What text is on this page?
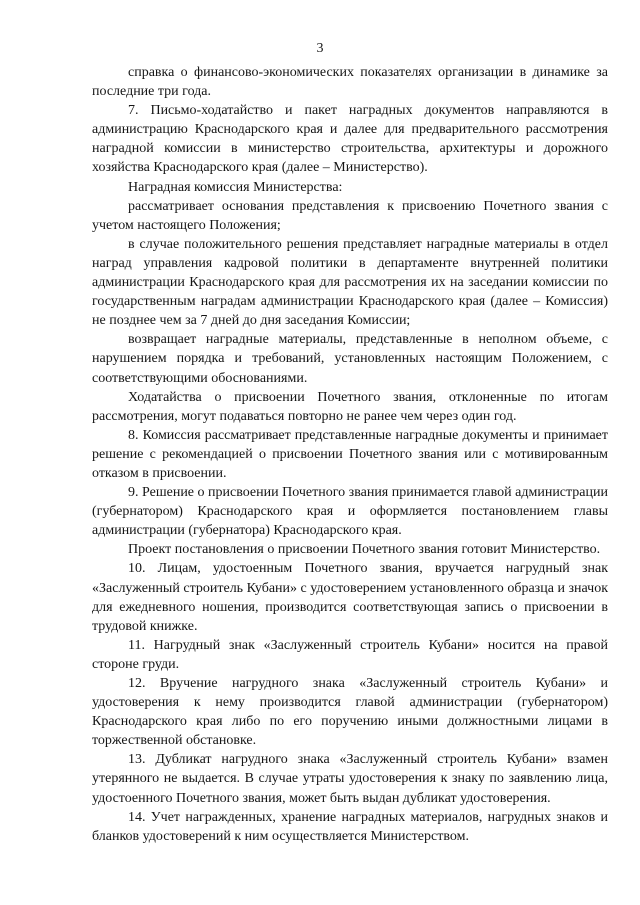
3

справка о финансово-экономических показателях организации в динамике за последние три года.

7. Письмо-ходатайство и пакет наградных документов направляются в администрацию Краснодарского края и далее для предварительного рассмотрения наградной комиссии в министерство строительства, архитектуры и дорожного хозяйства Краснодарского края (далее – Министерство).

Наградная комиссия Министерства:

рассматривает основания представления к присвоению Почетного звания с учетом настоящего Положения;

в случае положительного решения представляет наградные материалы в отдел наград управления кадровой политики в департаменте внутренней политики администрации Краснодарского края для рассмотрения их на заседании комиссии по государственным наградам администрации Краснодарского края (далее – Комиссия) не позднее чем за 7 дней до дня заседания Комиссии;

возвращает наградные материалы, представленные в неполном объеме, с нарушением порядка и требований, установленных настоящим Положением, с соответствующими обоснованиями.

Ходатайства о присвоении Почетного звания, отклоненные по итогам рассмотрения, могут подаваться повторно не ранее чем через один год.

8. Комиссия рассматривает представленные наградные документы и принимает решение с рекомендацией о присвоении Почетного звания или с мотивированным отказом в присвоении.

9. Решение о присвоении Почетного звания принимается главой администрации (губернатором) Краснодарского края и оформляется постановлением главы администрации (губернатора) Краснодарского края.

Проект постановления о присвоении Почетного звания готовит Министерство.

10. Лицам, удостоенным Почетного звания, вручается нагрудный знак «Заслуженный строитель Кубани» с удостоверением установленного образца и значок для ежедневного ношения, производится соответствующая запись о присвоении в трудовой книжке.

11. Нагрудный знак «Заслуженный строитель Кубани» носится на правой стороне груди.

12. Вручение нагрудного знака «Заслуженный строитель Кубани» и удостоверения к нему производится главой администрации (губернатором) Краснодарского края либо по его поручению иными должностными лицами в торжественной обстановке.

13. Дубликат нагрудного знака «Заслуженный строитель Кубани» взамен утерянного не выдается. В случае утраты удостоверения к знаку по заявлению лица, удостоенного Почетного звания, может быть выдан дубликат удостоверения.

14. Учет награжденных, хранение наградных материалов, нагрудных знаков и бланков удостоверений к ним осуществляется Министерством.
